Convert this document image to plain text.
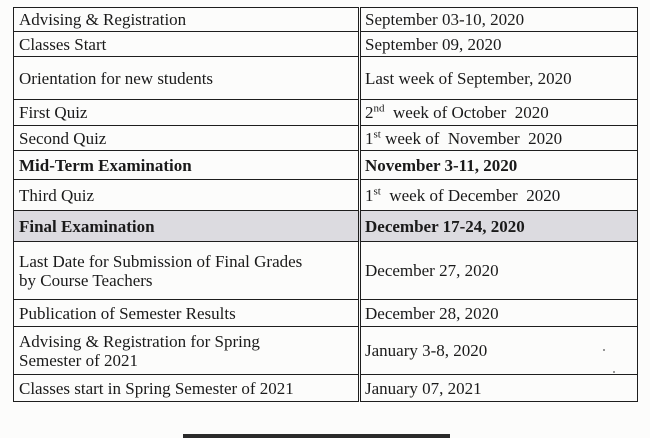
Advising & Registration	September 03-10, 2020
Classes Start	September 09, 2020
Orientation for new students	Last week of September, 2020
First Quiz	2nd  week of October  2020
Second Quiz	1st week of  November  2020
Mid-Term Examination	November 3-11, 2020
Third Quiz	1st  week of December  2020
Final Examination	December 17-24, 2020
Last Date for Submission of Final Grades by Course Teachers	December 27, 2020
Publication of Semester Results	December 28, 2020
Advising & Registration for Spring Semester of 2021	January 3-8, 2020
Classes start in Spring Semester of 2021	January 07, 2021
